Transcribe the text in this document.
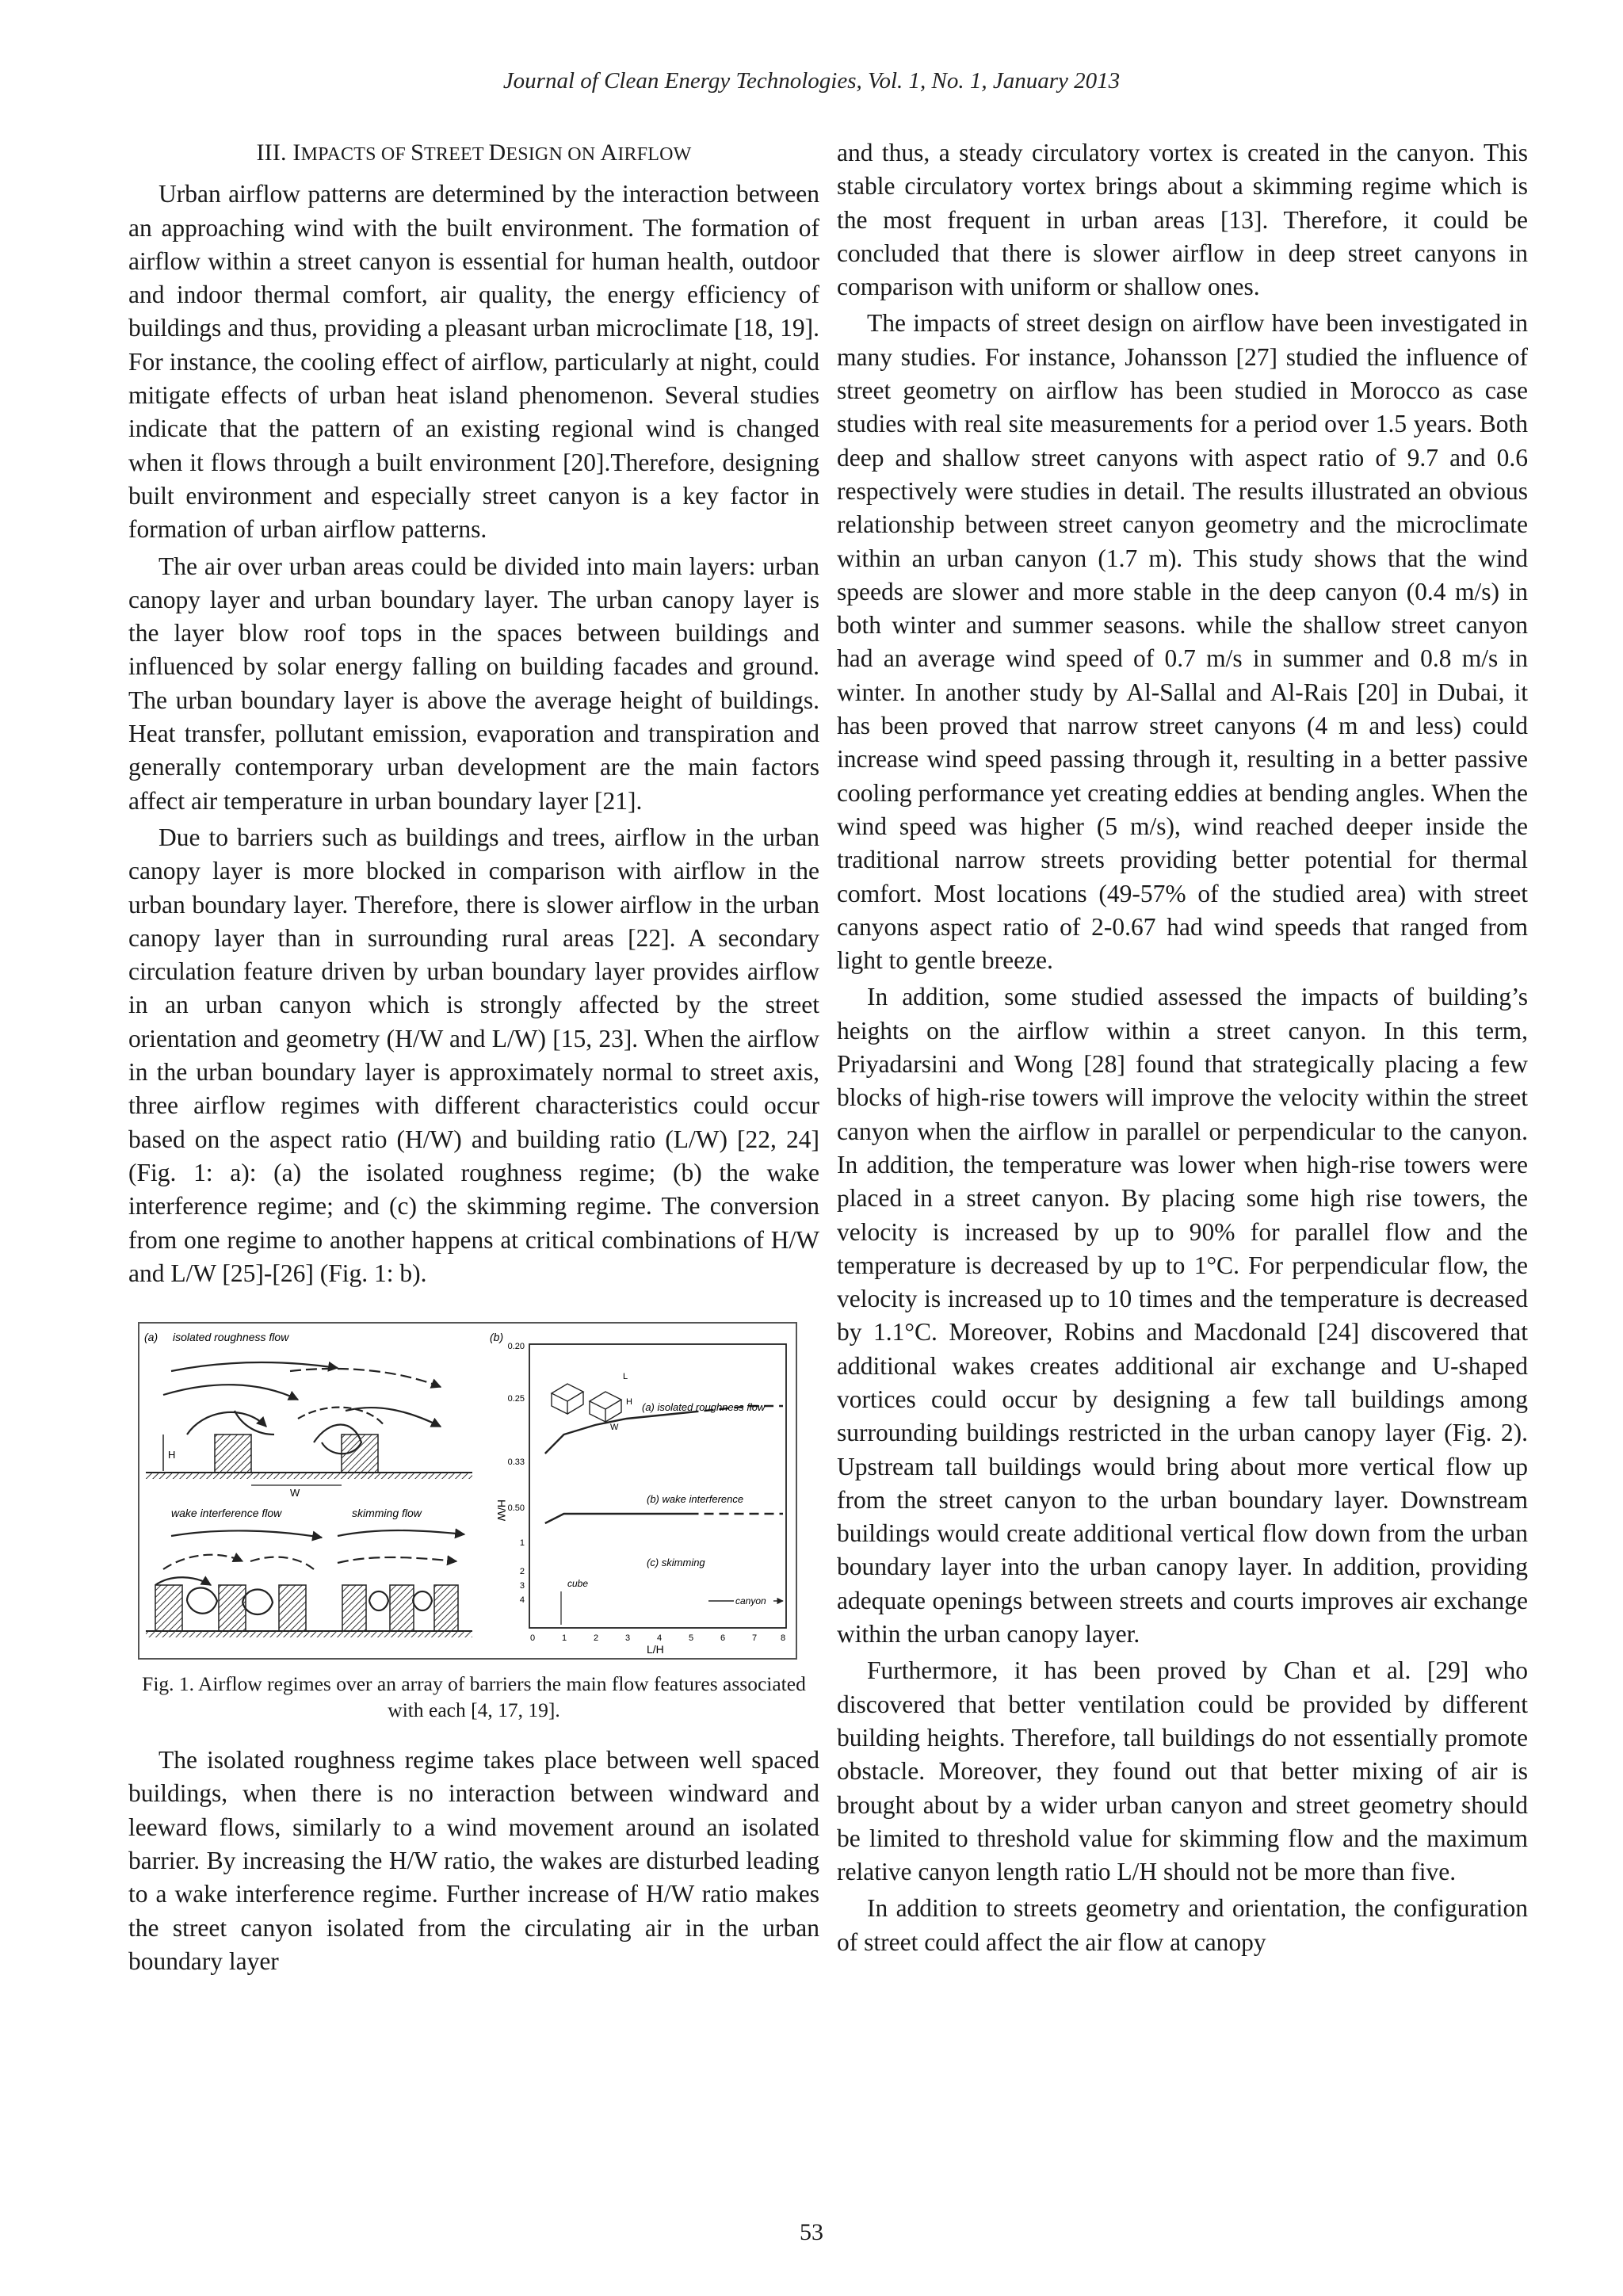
Journal of Clean Energy Technologies, Vol. 1, No. 1, January 2013
III. IMPACTS OF STREET DESIGN ON AIRFLOW

Urban airflow patterns are determined by the interaction between an approaching wind with the built environment. The formation of airflow within a street canyon is essential for human health, outdoor and indoor thermal comfort, air quality, the energy efficiency of buildings and thus, providing a pleasant urban microclimate [18, 19]. For instance, the cooling effect of airflow, particularly at night, could mitigate effects of urban heat island phenomenon. Several studies indicate that the pattern of an existing regional wind is changed when it flows through a built environment [20].Therefore, designing built environment and especially street canyon is a key factor in formation of urban airflow patterns.

The air over urban areas could be divided into main layers: urban canopy layer and urban boundary layer. The urban canopy layer is the layer blow roof tops in the spaces between buildings and influenced by solar energy falling on building facades and ground. The urban boundary layer is above the average height of buildings. Heat transfer, pollutant emission, evaporation and transpiration and generally contemporary urban development are the main factors affect air temperature in urban boundary layer [21].

Due to barriers such as buildings and trees, airflow in the urban canopy layer is more blocked in comparison with airflow in the urban boundary layer. Therefore, there is slower airflow in the urban canopy layer than in surrounding rural areas [22]. A secondary circulation feature driven by urban boundary layer provides airflow in an urban canyon which is strongly affected by the street orientation and geometry (H/W and L/W) [15, 23]. When the airflow in the urban boundary layer is approximately normal to street axis, three airflow regimes with different characteristics could occur based on the aspect ratio (H/W) and building ratio (L/W) [22, 24] (Fig. 1: a): (a) the isolated roughness regime; (b) the wake interference regime; and (c) the skimming regime. The conversion from one regime to another happens at critical combinations of H/W and L/W [25]-[26] (Fig. 1: b).

(a) isolated roughness flow
H
W
wake interference flow	skimming flow
(b)
H/W
L/H
0.20
0.25
0.33
0.50
1
2
3
4
0	1	2	3	4	5	6	7	8
L
H
W
(a) isolated roughness flow
(b) wake interference
(c) skimming
cube
canyon
Fig. 1. Airflow regimes over an array of barriers the main flow features associated with each [4, 17, 19].

The isolated roughness regime takes place between well spaced buildings, when there is no interaction between windward and leeward flows, similarly to a wind movement around an isolated barrier. By increasing the H/W ratio, the wakes are disturbed leading to a wake interference regime. Further increase of H/W ratio makes the street canyon isolated from the circulating air in the urban boundary layer

and thus, a steady circulatory vortex is created in the canyon. This stable circulatory vortex brings about a skimming regime which is the most frequent in urban areas [13]. Therefore, it could be concluded that there is slower airflow in deep street canyons in comparison with uniform or shallow ones.

The impacts of street design on airflow have been investigated in many studies. For instance, Johansson [27] studied the influence of street geometry on airflow has been studied in Morocco as case studies with real site measurements for a period over 1.5 years. Both deep and shallow street canyons with aspect ratio of 9.7 and 0.6 respectively were studies in detail. The results illustrated an obvious relationship between street canyon geometry and the microclimate within an urban canyon (1.7 m). This study shows that the wind speeds are slower and more stable in the deep canyon (0.4 m/s) in both winter and summer seasons. while the shallow street canyon had an average wind speed of 0.7 m/s in summer and 0.8 m/s in winter. In another study by Al-Sallal and Al-Rais [20] in Dubai, it has been proved that narrow street canyons (4 m and less) could increase wind speed passing through it, resulting in a better passive cooling performance yet creating eddies at bending angles. When the wind speed was higher (5 m/s), wind reached deeper inside the traditional narrow streets providing better potential for thermal comfort. Most locations (49-57% of the studied area) with street canyons aspect ratio of 2-0.67 had wind speeds that ranged from light to gentle breeze.

In addition, some studied assessed the impacts of building’s heights on the airflow within a street canyon. In this term, Priyadarsini and Wong [28] found that strategically placing a few blocks of high-rise towers will improve the velocity within the street canyon when the airflow in parallel or perpendicular to the canyon. In addition, the temperature was lower when high-rise towers were placed in a street canyon. By placing some high rise towers, the velocity is increased by up to 90% for parallel flow and the temperature is decreased by up to 1°C. For perpendicular flow, the velocity is increased up to 10 times and the temperature is decreased by 1.1°C. Moreover, Robins and Macdonald [24] discovered that additional wakes creates additional air exchange and U-shaped vortices could occur by designing a few tall buildings among surrounding buildings restricted in the urban canopy layer (Fig. 2). Upstream tall buildings would bring about more vertical flow up from the street canyon to the urban boundary layer. Downstream buildings would create additional vertical flow down from the urban boundary layer into the urban canopy layer. In addition, providing adequate openings between streets and courts improves air exchange within the urban canopy layer.

Furthermore, it has been proved by Chan et al. [29] who discovered that better ventilation could be provided by different building heights. Therefore, tall buildings do not essentially promote obstacle. Moreover, they found out that better mixing of air is brought about by a wider urban canyon and street geometry should be limited to threshold value for skimming flow and the maximum relative canyon length ratio L/H should not be more than five.

In addition to streets geometry and orientation, the configuration of street could affect the air flow at canopy

53
